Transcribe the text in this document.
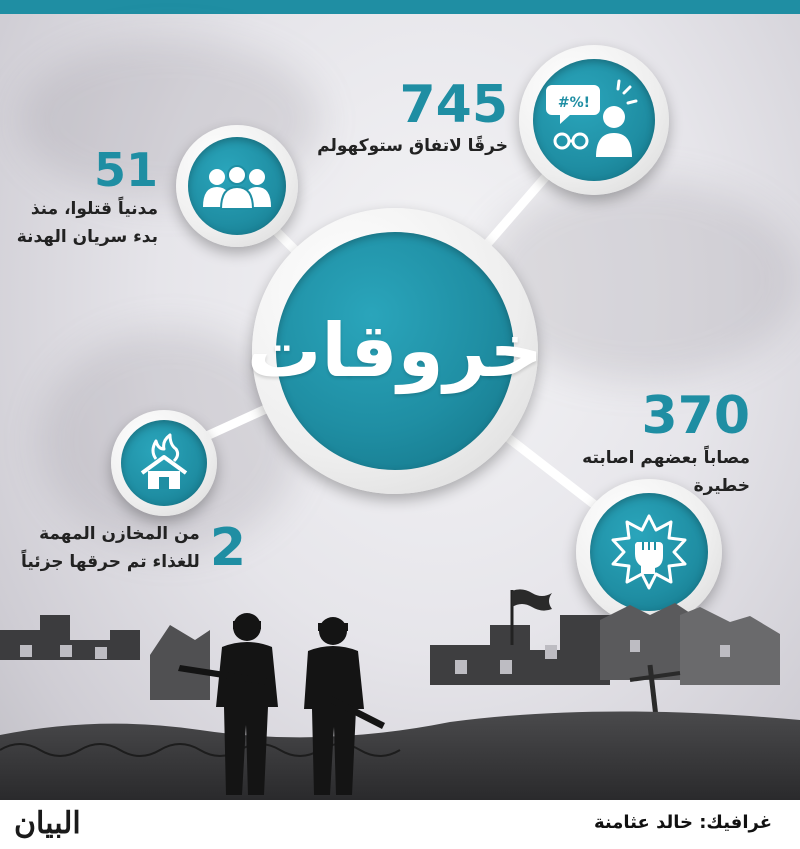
خروقات
#%!
745
خرقًا لاتفاق ستوكهولم
51
مدنياً قتلوا، منذ
بدء سريان الهدنة
370
مصاباً بعضهم اصابته
خطيرة
2
من المخازن المهمة
للغذاء تم حرقها جزئياً
البيان	غرافيك: خالد عثامنة
